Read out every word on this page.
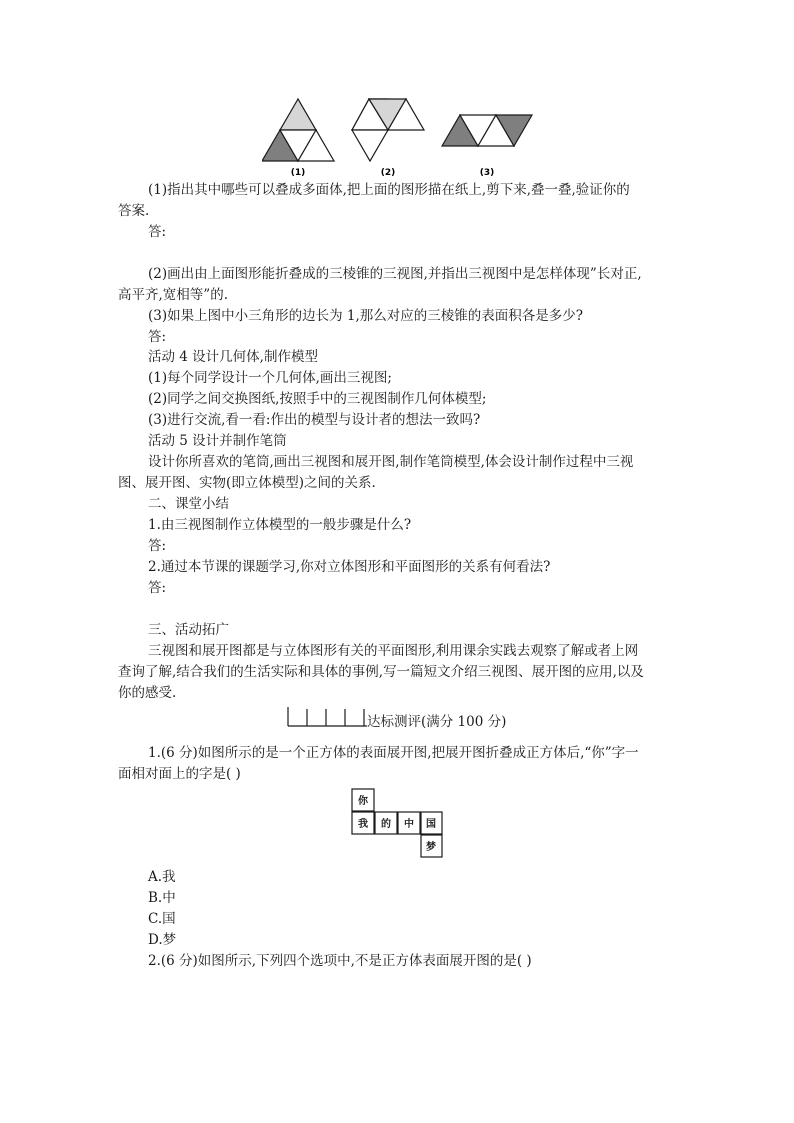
(1)	(2)	(3)
(1)指出其中哪些可以叠成多面体,把上面的图形描在纸上,剪下来,叠一叠,验证你的
答案.
答:
(2)画出由上面图形能折叠成的三棱锥的三视图,并指出三视图中是怎样体现”长对正,
高平齐,宽相等”的.
(3)如果上图中小三角形的边长为 1,那么对应的三棱锥的表面积各是多少?
答:
活动 4 设计几何体,制作模型
(1)每个同学设计一个几何体,画出三视图;
(2)同学之间交换图纸,按照手中的三视图制作几何体模型;
(3)进行交流,看一看:作出的模型与设计者的想法一致吗?
活动 5 设计并制作笔筒
设计你所喜欢的笔筒,画出三视图和展开图,制作笔筒模型,体会设计制作过程中三视
图、展开图、实物(即立体模型)之间的关系.
二、课堂小结
1.由三视图制作立体模型的一般步骤是什么?
答:
2.通过本节课的课题学习,你对立体图形和平面图形的关系有何看法?
答:
三、活动拓广
三视图和展开图都是与立体图形有关的平面图形,利用课余实践去观察了解或者上网
查询了解,结合我们的生活实际和具体的事例,写一篇短文介绍三视图、展开图的应用,以及
你的感受.
达标测评(满分 100 分)
1.(6 分)如图所示的是一个正方体的表面展开图,把展开图折叠成正方体后,“你”字一
面相对面上的字是( )
你
我 的 中 国
梦
A.我
B.中
C.国
D.梦
2.(6 分)如图所示,下列四个选项中,不是正方体表面展开图的是( )
